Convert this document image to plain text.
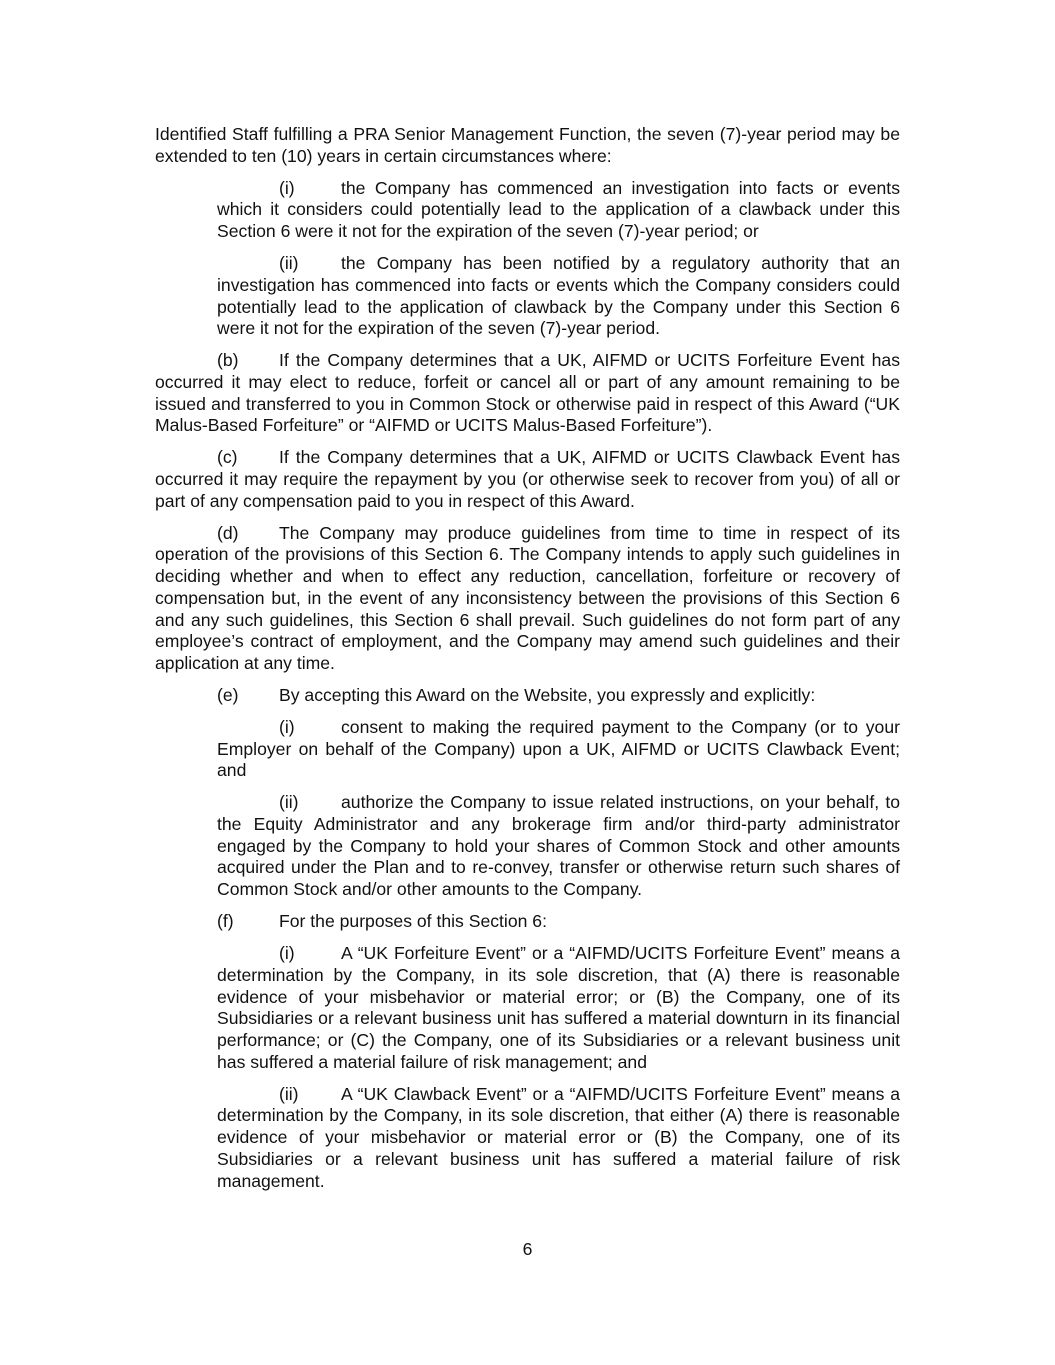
Identified Staff fulfilling a PRA Senior Management Function, the seven (7)-year period may be extended to ten (10) years in certain circumstances where:

(i)	the Company has commenced an investigation into facts or events which it considers could potentially lead to the application of a clawback under this Section 6 were it not for the expiration of the seven (7)-year period; or

(ii) the Company has been notified by a regulatory authority that an investigation has commenced into facts or events which the Company considers could potentially lead to the application of clawback by the Company under this Section 6 were it not for the expiration of the seven (7)-year period.

(b) If the Company determines that a UK, AIFMD or UCITS Forfeiture Event has occurred it may elect to reduce, forfeit or cancel all or part of any amount remaining to be issued and transferred to you in Common Stock or otherwise paid in respect of this Award (“UK Malus-Based Forfeiture” or “AIFMD or UCITS Malus-Based Forfeiture”).

(c) If the Company determines that a UK, AIFMD or UCITS Clawback Event has occurred it may require the repayment by you (or otherwise seek to recover from you) of all or part of any compensation paid to you in respect of this Award.

(d) The Company may produce guidelines from time to time in respect of its operation of the provisions of this Section 6. The Company intends to apply such guidelines in deciding whether and when to effect any reduction, cancellation, forfeiture or recovery of compensation but, in the event of any inconsistency between the provisions of this Section 6 and any such guidelines, this Section 6 shall prevail. Such guidelines do not form part of any employee’s contract of employment, and the Company may amend such guidelines and their application at any time.

(e) By accepting this Award on the Website, you expressly and explicitly:

(i)	consent to making the required payment to the Company (or to your Employer on behalf of the Company) upon a UK, AIFMD or UCITS Clawback Event; and

(ii) authorize the Company to issue related instructions, on your behalf, to the Equity Administrator and any brokerage firm and/or third-party administrator engaged by the Company to hold your shares of Common Stock and other amounts acquired under the Plan and to re-convey, transfer or otherwise return such shares of Common Stock and/or other amounts to the Company.

(f)	For the purposes of this Section 6:

(i)	A “UK Forfeiture Event” or a “AIFMD/UCITS Forfeiture Event” means a determination by the Company, in its sole discretion, that (A) there is reasonable evidence of your misbehavior or material error; or (B) the Company, one of its Subsidiaries or a relevant business unit has suffered a material downturn in its financial performance; or (C) the Company, one of its Subsidiaries or a relevant business unit has suffered a material failure of risk management; and

(ii) A “UK Clawback Event” or a “AIFMD/UCITS Forfeiture Event” means a determination by the Company, in its sole discretion, that either (A) there is reasonable evidence of your misbehavior or material error or (B) the Company, one of its Subsidiaries or a relevant business unit has suffered a material failure of risk management.

6
